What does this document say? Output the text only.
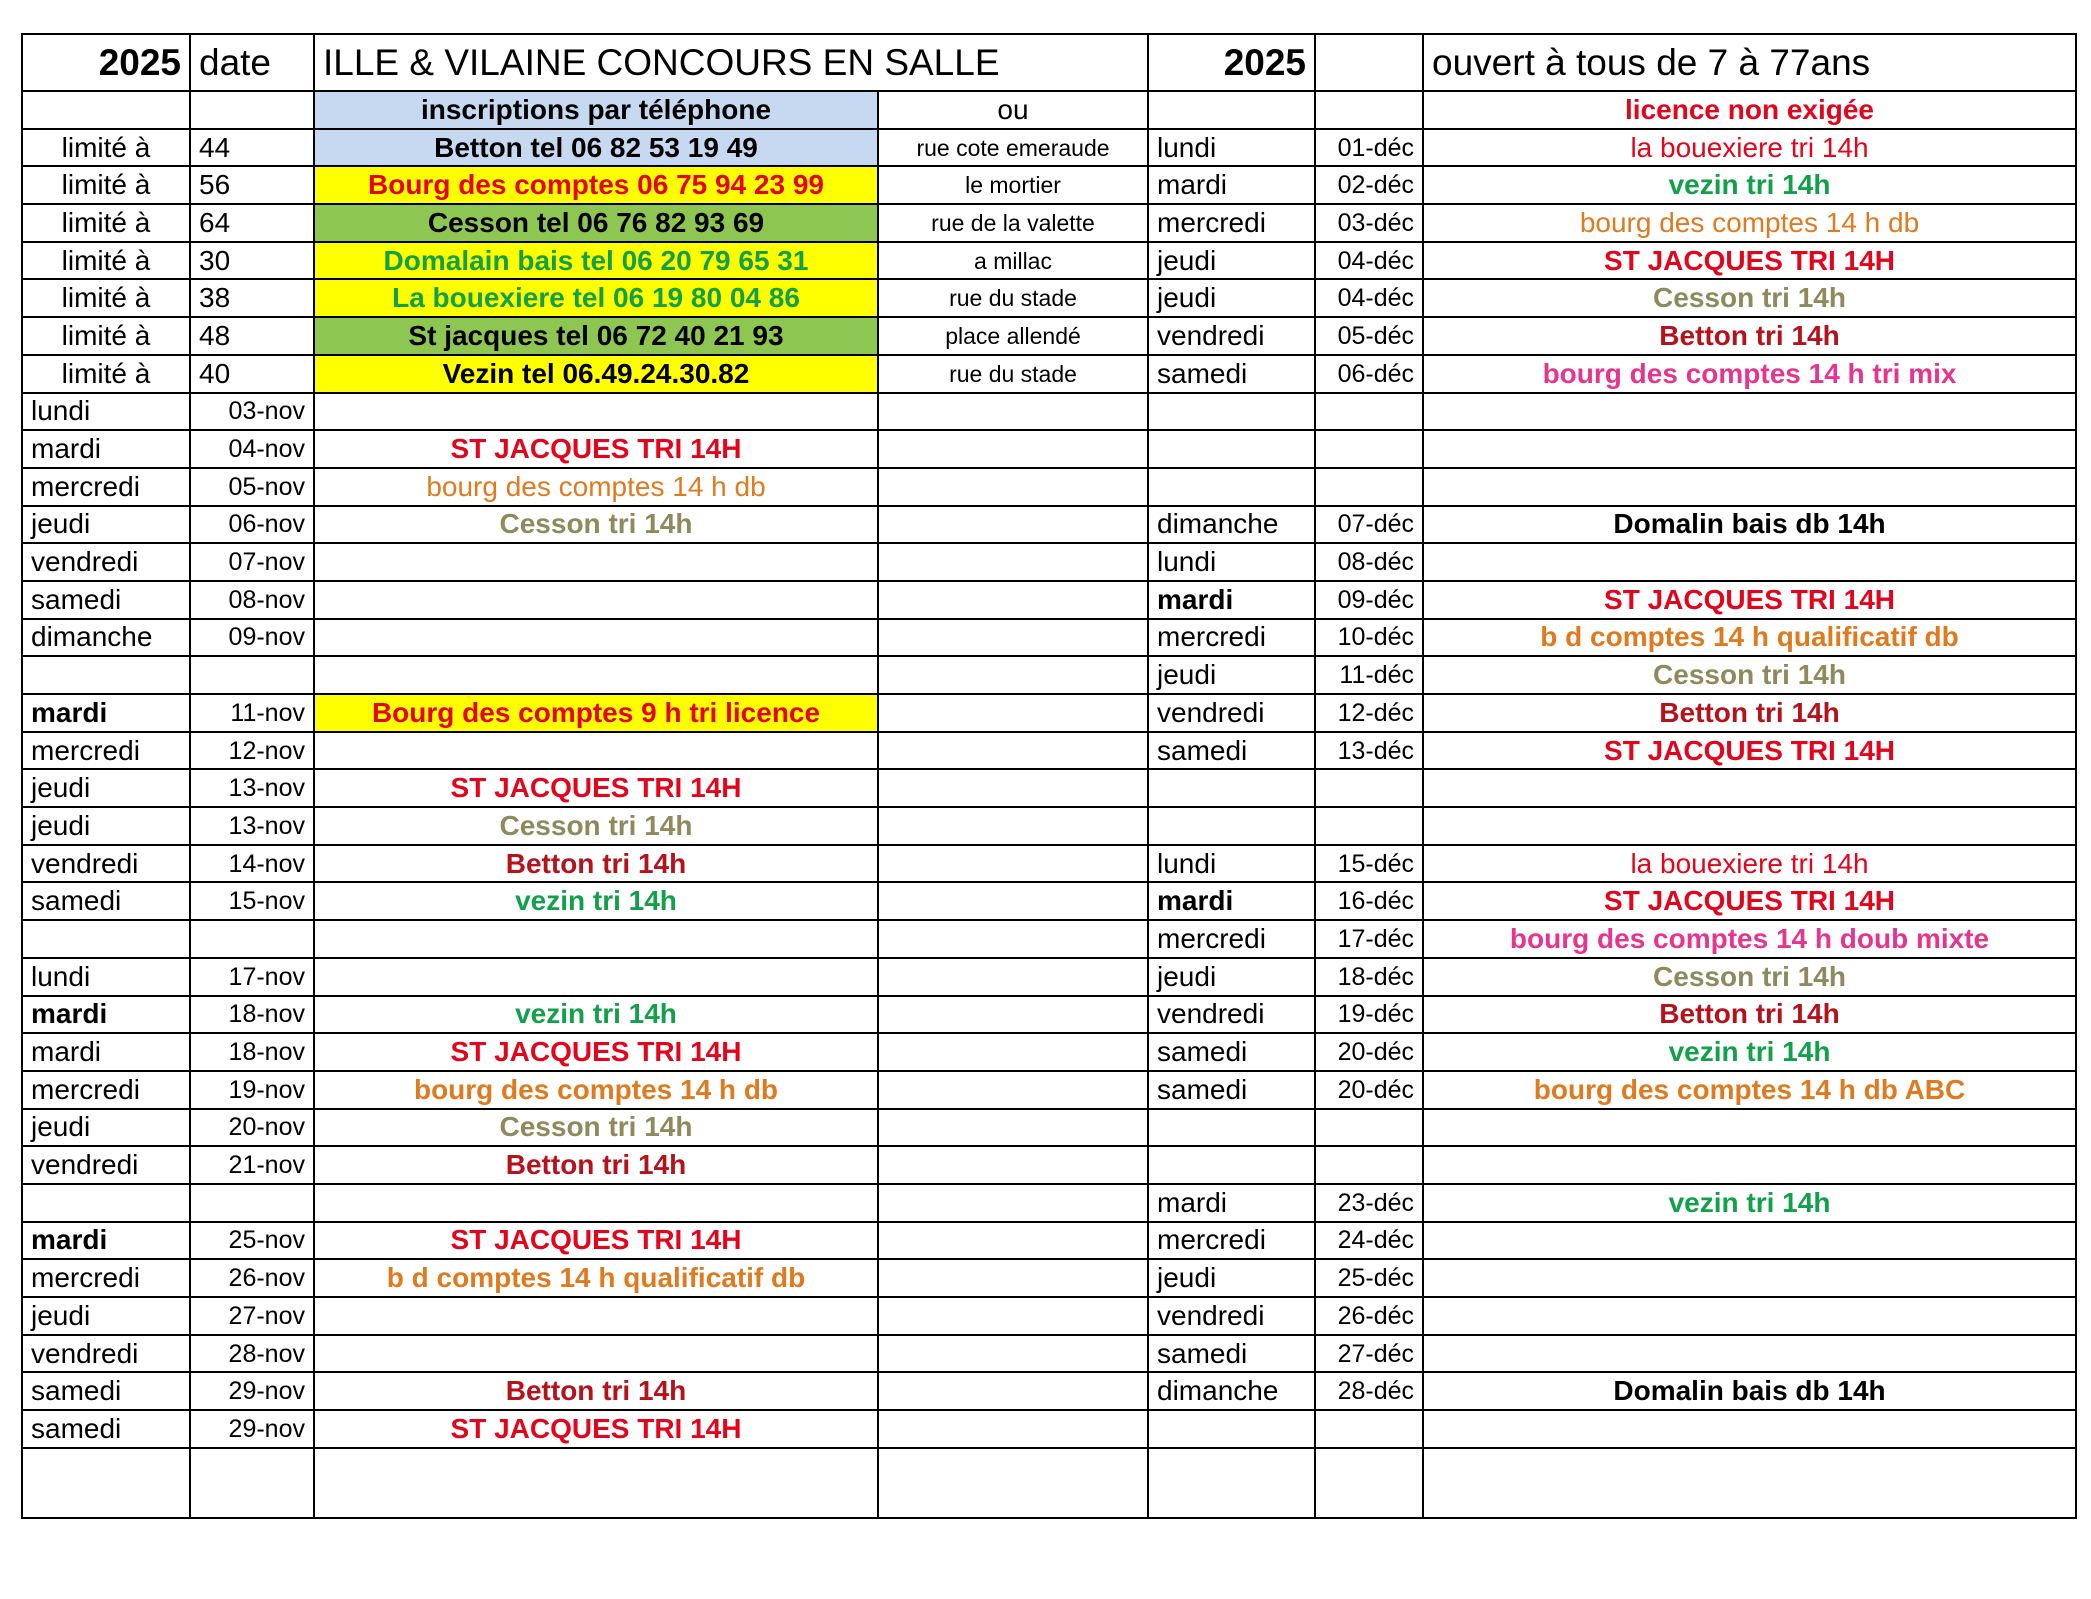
2025	date	ILLE & VILAINE CONCOURS EN SALLE		2025		ouvert à tous de 7 à 77ans
		inscriptions par téléphone	ou			licence non exigée
limité à	44	Betton tel 06 82 53 19 49	rue cote emeraude	lundi	01-déc	la bouexiere tri 14h
limité à	56	Bourg des comptes 06 75 94 23 99	le mortier	mardi	02-déc	vezin tri 14h
limité à	64	Cesson tel 06 76 82 93 69	rue de la valette	mercredi	03-déc	bourg des comptes 14 h db
limité à	30	Domalain bais tel 06 20 79 65 31	a millac	jeudi	04-déc	ST JACQUES TRI 14H
limité à	38	La bouexiere tel 06 19 80 04 86	rue du stade	jeudi	04-déc	Cesson tri 14h
limité à	48	St jacques tel 06 72 40 21 93	place allendé	vendredi	05-déc	Betton tri 14h
limité à	40	Vezin tel 06.49.24.30.82	rue du stade	samedi	06-déc	bourg des comptes 14 h tri mix
lundi	03-nov					
mardi	04-nov	ST JACQUES TRI 14H				
mercredi	05-nov	bourg des comptes 14 h db				
jeudi	06-nov	Cesson tri 14h		dimanche	07-déc	Domalin bais db 14h
vendredi	07-nov			lundi	08-déc	
samedi	08-nov			mardi	09-déc	ST JACQUES TRI 14H
dimanche	09-nov			mercredi	10-déc	b d comptes 14 h qualificatif db
				jeudi	11-déc	Cesson tri 14h
mardi	11-nov	Bourg des comptes 9 h tri licence		vendredi	12-déc	Betton tri 14h
mercredi	12-nov			samedi	13-déc	ST JACQUES TRI 14H
jeudi	13-nov	ST JACQUES TRI 14H				
jeudi	13-nov	Cesson tri 14h				
vendredi	14-nov	Betton tri 14h		lundi	15-déc	la bouexiere tri 14h
samedi	15-nov	vezin tri 14h		mardi	16-déc	ST JACQUES TRI 14H
				mercredi	17-déc	bourg des comptes 14 h doub mixte
lundi	17-nov			jeudi	18-déc	Cesson tri 14h
mardi	18-nov	vezin tri 14h		vendredi	19-déc	Betton tri 14h
mardi	18-nov	ST JACQUES TRI 14H		samedi	20-déc	vezin tri 14h
mercredi	19-nov	bourg des comptes 14 h db		samedi	20-déc	bourg des comptes 14 h db ABC
jeudi	20-nov	Cesson tri 14h				
vendredi	21-nov	Betton tri 14h				
				mardi	23-déc	vezin tri 14h
mardi	25-nov	ST JACQUES TRI 14H		mercredi	24-déc	
mercredi	26-nov	b d comptes 14 h qualificatif db		jeudi	25-déc	
jeudi	27-nov			vendredi	26-déc	
vendredi	28-nov			samedi	27-déc	
samedi	29-nov	Betton tri 14h		dimanche	28-déc	Domalin bais db 14h
samedi	29-nov	ST JACQUES TRI 14H				
